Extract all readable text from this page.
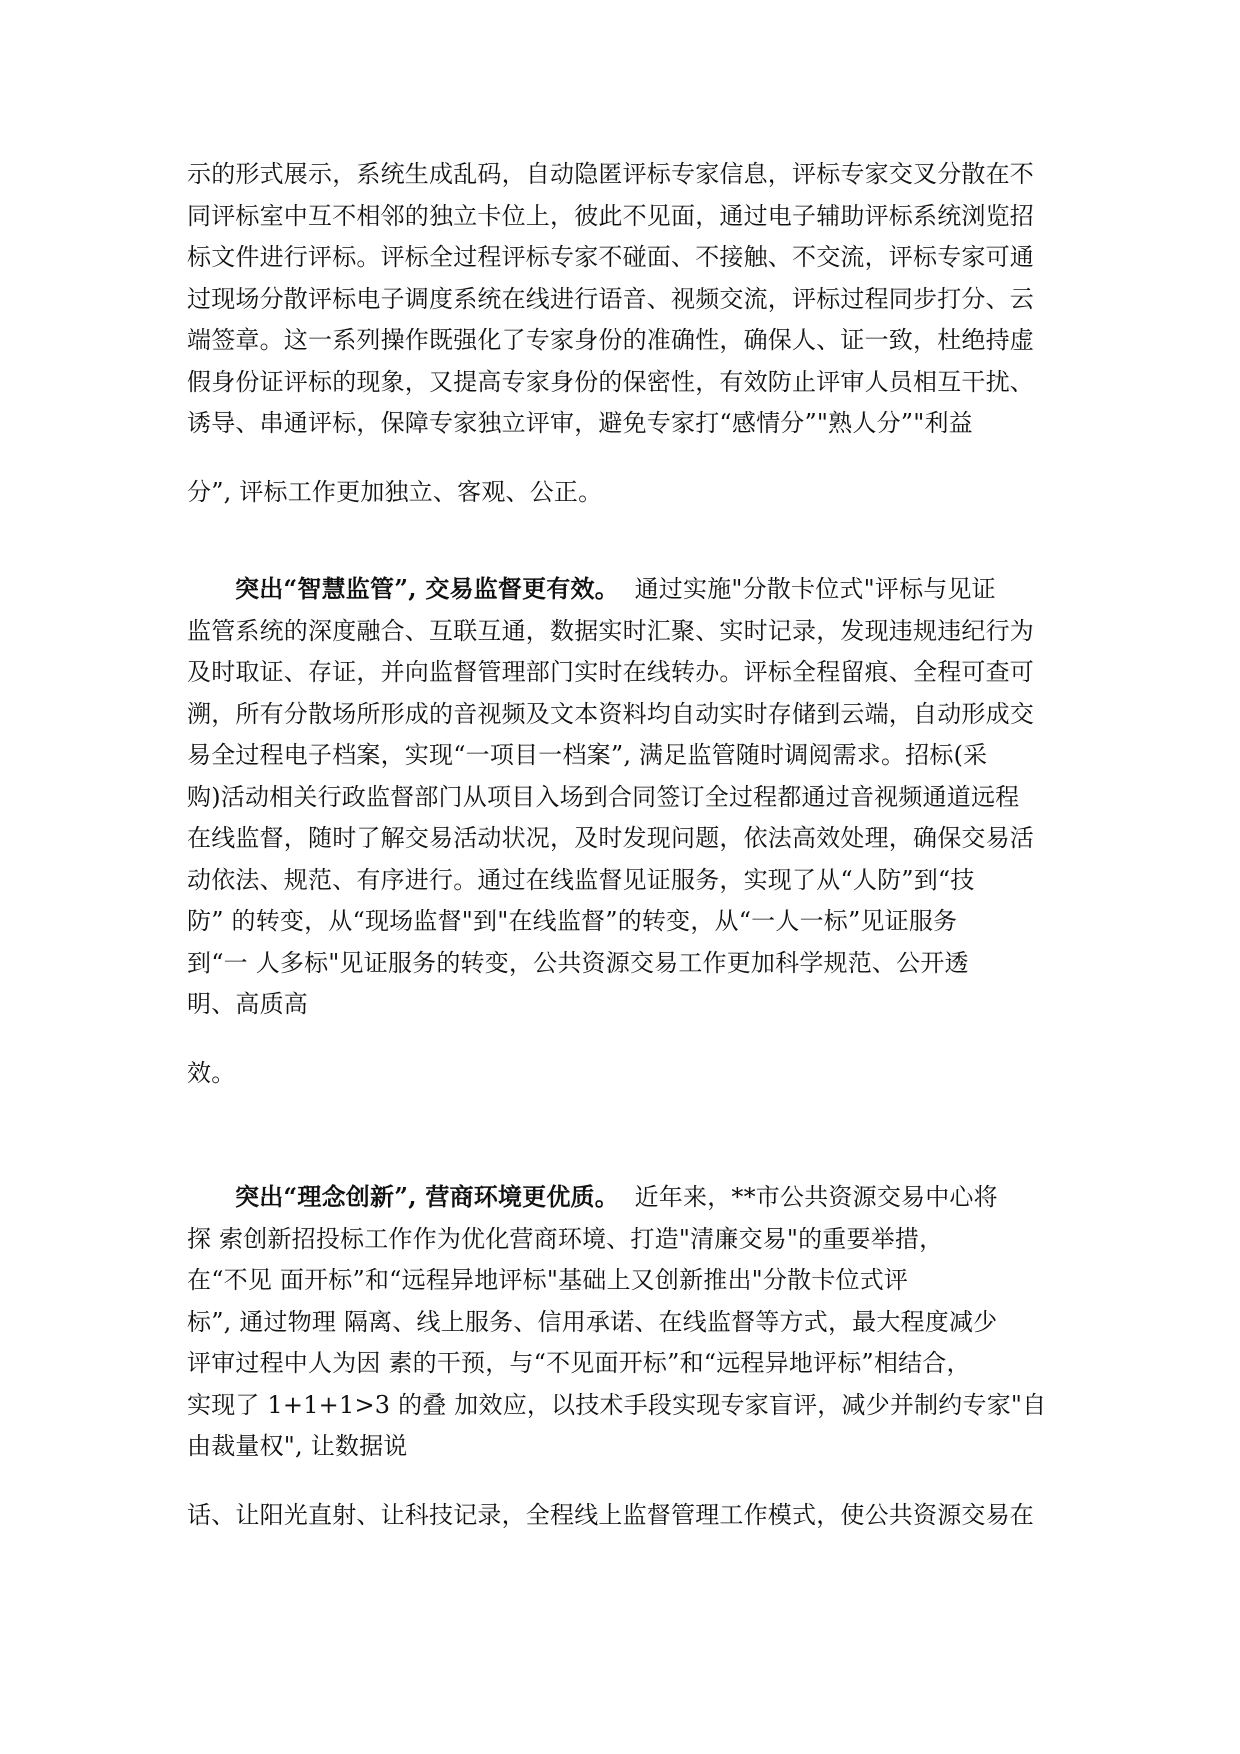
示的形式展示，系统生成乱码，自动隐匿评标专家信息，评标专家交叉分散在不
同评标室中互不相邻的独立卡位上，彼此不见面，通过电子辅助评标系统浏览招
标文件进行评标。评标全过程评标专家不碰面、不接触、不交流，评标专家可通
过现场分散评标电子调度系统在线进行语音、视频交流，评标过程同步打分、云
端签章。这一系列操作既强化了专家身份的准确性，确保人、证一致，杜绝持虚
假身份证评标的现象，又提高专家身份的保密性，有效防止评审人员相互干扰、
诱导、串通评标，保障专家独立评审，避免专家打“感情分”"熟人分”"利益
分”, 评标工作更加独立、客观、公正。
突出“智慧监管”, 交易监督更有效。 通过实施"分散卡位式"评标与见证
监管系统的深度融合、互联互通，数据实时汇聚、实时记录，发现违规违纪行为
及时取证、存证，并向监督管理部门实时在线转办。评标全程留痕、全程可查可
溯，所有分散场所形成的音视频及文本资料均自动实时存储到云端，自动形成交
易全过程电子档案，实现“一项目一档案”, 满足监管随时调阅需求。招标(采
购)活动相关行政监督部门从项目入场到合同签订全过程都通过音视频通道远程
在线监督，随时了解交易活动状况，及时发现问题，依法高效处理，确保交易活
动依法、规范、有序进行。通过在线监督见证服务，实现了从“人防”到“技
防” 的转变，从“现场监督"到"在线监督”的转变，从“一人一标”见证服务
到“一 人多标"见证服务的转变，公共资源交易工作更加科学规范、公开透
明、高质高
效。
突出“理念创新”, 营商环境更优质。 近年来，**市公共资源交易中心将
探 索创新招投标工作作为优化营商环境、打造"清廉交易"的重要举措，
在“不见 面开标”和“远程异地评标"基础上又创新推出"分散卡位式评
标”, 通过物理 隔离、线上服务、信用承诺、在线监督等方式，最大程度减少
评审过程中人为因 素的干预，与“不见面开标”和“远程异地评标”相结合，
实现了 1+1+1>3 的叠 加效应，以技术手段实现专家盲评，减少并制约专家"自
由裁量权", 让数据说
话、让阳光直射、让科技记录，全程线上监督管理工作模式，使公共资源交易在
